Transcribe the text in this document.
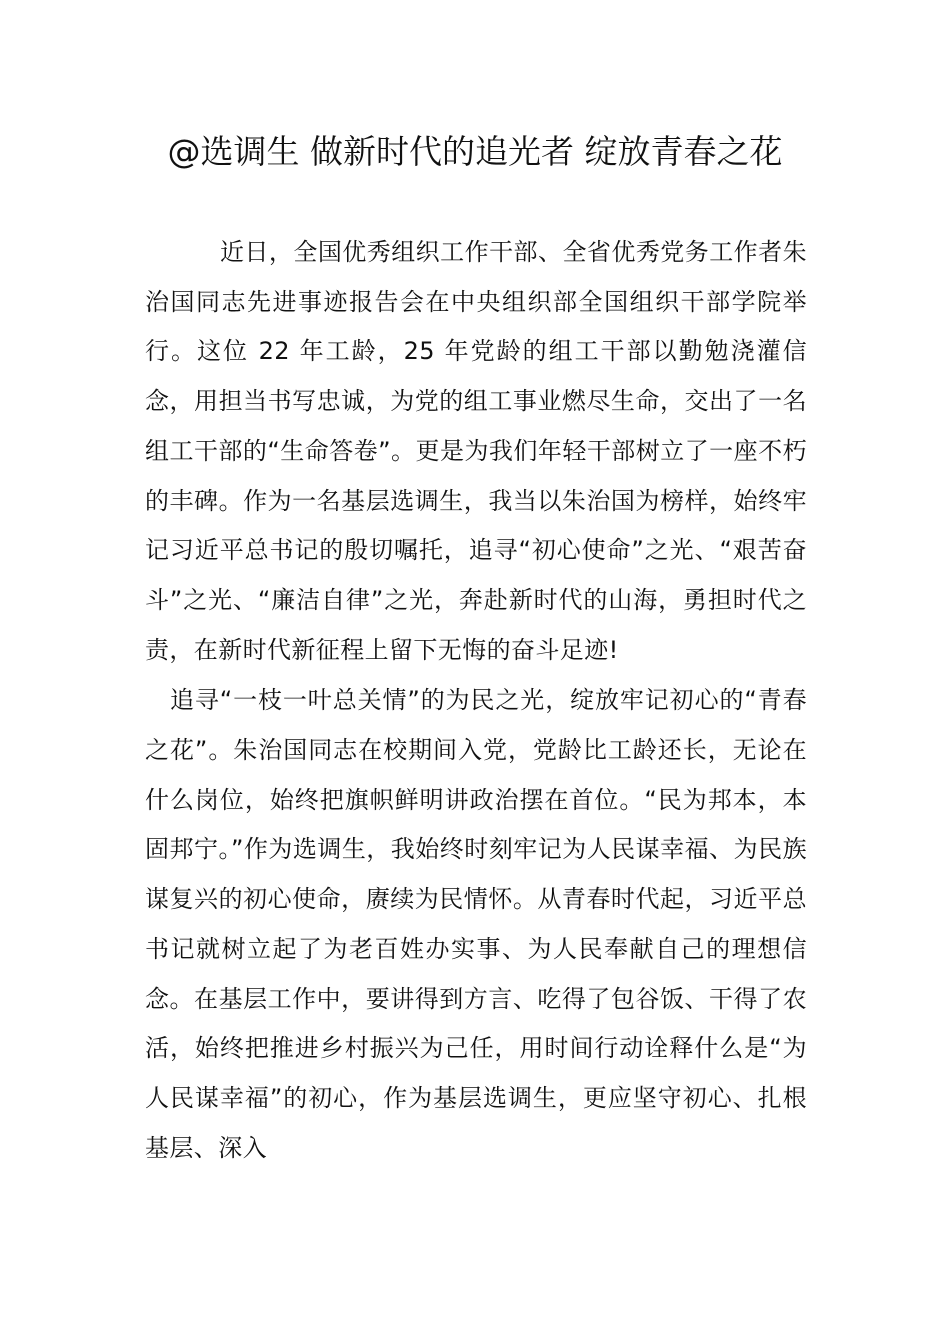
@选调生 做新时代的追光者 绽放青春之花

近日，全国优秀组织工作干部、全省优秀党务工作者朱治国同志先进事迹报告会在中央组织部全国组织干部学院举行。这位 22 年工龄，25 年党龄的组工干部以勤勉浇灌信念，用担当书写忠诚，为党的组工事业燃尽生命，交出了一名组工干部的“生命答卷”。更是为我们年轻干部树立了一座不朽的丰碑。作为一名基层选调生，我当以朱治国为榜样，始终牢记习近平总书记的殷切嘱托，追寻“初心使命”之光、“艰苦奋斗”之光、“廉洁自律”之光，奔赴新时代的山海，勇担时代之责，在新时代新征程上留下无悔的奋斗足迹!

追寻“一枝一叶总关情”的为民之光，绽放牢记初心的“青春之花”。朱治国同志在校期间入党，党龄比工龄还长，无论在什么岗位，始终把旗帜鲜明讲政治摆在首位。“民为邦本，本固邦宁。”作为选调生，我始终时刻牢记为人民谋幸福、为民族谋复兴的初心使命，赓续为民情怀。从青春时代起，习近平总书记就树立起了为老百姓办实事、为人民奉献自己的理想信念。在基层工作中，要讲得到方言、吃得了包谷饭、干得了农活，始终把推进乡村振兴为己任，用时间行动诠释什么是“为人民谋幸福”的初心，作为基层选调生，更应坚守初心、扎根基层、深入
